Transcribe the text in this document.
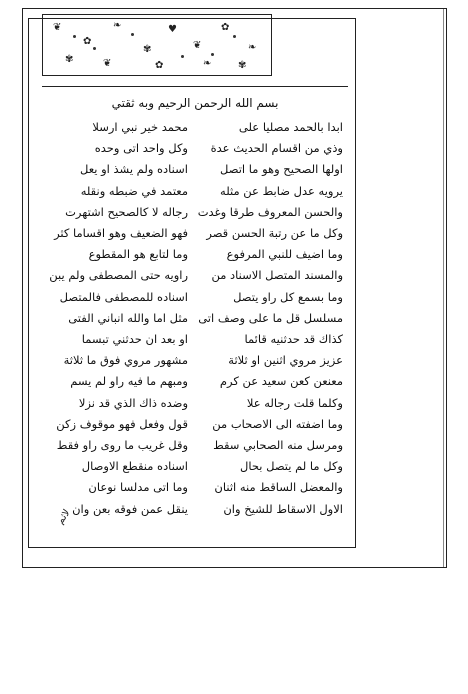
❦
✿
❧
✾
♥
❦
✿
❧
✾	❦	✿	❧	✾
بسم الله الرحمن الرحيم وبه ثقتي
ابدا بالحمد مصليا على
محمد خير نبي ارسلا
وذي من اقسام الحديث عدة
وكل واحد اتى وحده
اولها الصحيح وهو ما اتصل
اسناده ولم يشذ او يعل
يرويه عدل ضابط عن مثله
معتمد في ضبطه ونقله
والحسن المعروف طرقا وغدت
رجاله لا كالصحيح اشتهرت
وكل ما عن رتبة الحسن قصر
فهو الضعيف وهو اقساما كثر
وما اضيف للنبي المرفوع
وما لتابع هو المقطوع
والمسند المتصل الاسناد من
راويه حتى المصطفى ولم يبن
وما بسمع كل راو يتصل
اسناده للمصطفى فالمتصل
مسلسل قل ما على وصف اتى
مثل اما والله انباني الفتى
كذاك قد حدثنيه قائما
او بعد ان حدثني تبسما
عزيز مروي اثنين او ثلاثة
مشهور مروي فوق ما ثلاثة
معنعن كعن سعيد عن كرم
ومبهم ما فيه راو لم يسم
وكلما قلت رجاله علا
وضده ذاك الذي قد نزلا
وما اضفته الى الاصحاب من
قول وفعل فهو موقوف زكن
ومرسل منه الصحابي سقط
وقل غريب ما روى راو فقط
وكل ما لم يتصل بحال
اسناده منقطع الاوصال
والمعضل الساقط منه اثنان
وما اتى مدلسا نوعان
الاول الاسقاط للشيخ وان
ينقل عمن فوقه بعن وان
لاثم
